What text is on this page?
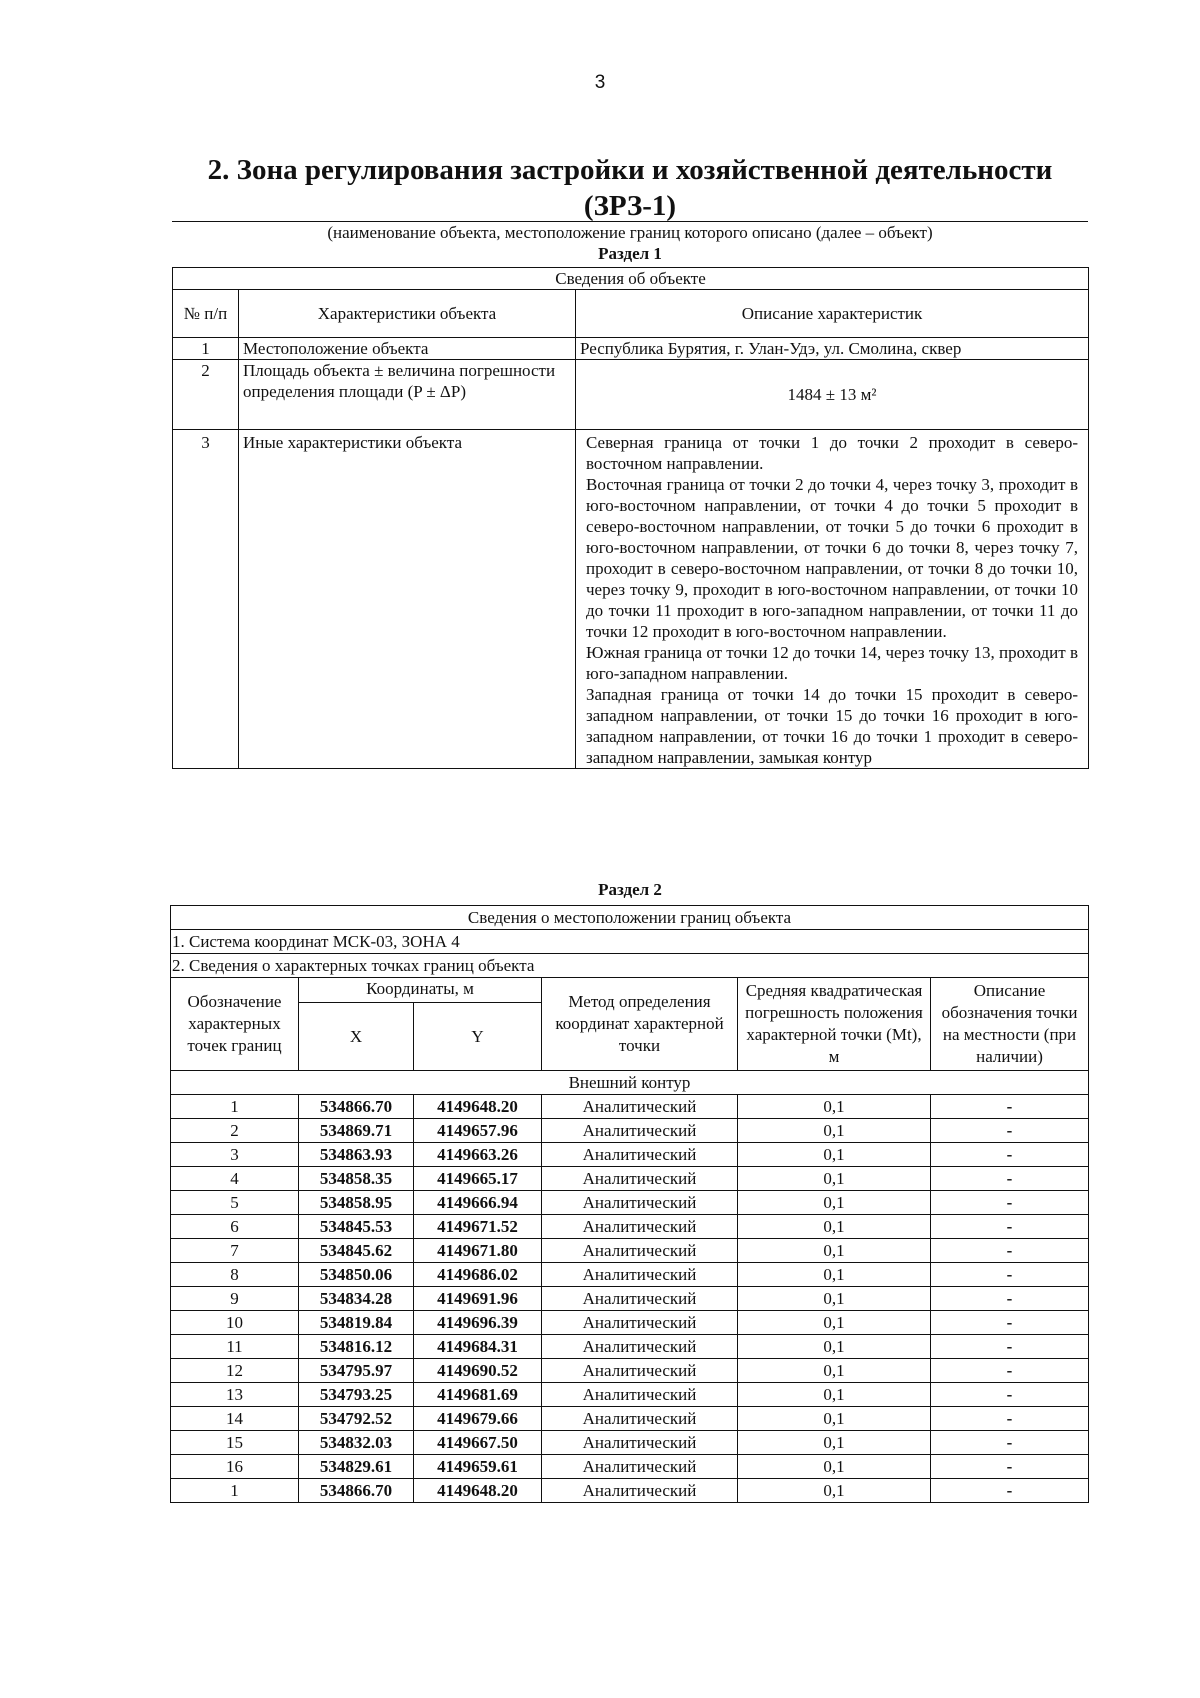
3
2. Зона регулирования застройки и хозяйственной деятельности
(ЗРЗ-1)
(наименование объекта, местоположение границ которого описано (далее – объект)
Раздел 1
Сведения об объекте		
№ п/п	Характеристики объекта	Описание характеристик
1	Местоположение объекта	Республика Бурятия, г. Улан-Удэ, ул. Смолина, сквер
2	Площадь объекта ± величина погрешности определения площади (P ± ΔP)	1484 ± 13 м²
3	Иные характеристики объекта	Северная граница от точки 1 до точки 2 проходит в северо-восточном направлении.

Восточная граница от точки 2 до точки 4, через точку 3, проходит в юго-восточном направлении, от точки 4 до точки 5 проходит в северо-восточном направлении, от точки 5 до точки 6 проходит в юго-восточном направлении, от точки 6 до точки 8, через точку 7, проходит в северо-восточном направлении, от точки 8 до точки 10, через точку 9, проходит в юго-восточном направлении, от точки 10 до точки 11 проходит в юго-западном направлении, от точки 11 до точки 12 проходит в юго-восточном направлении.

Южная граница от точки 12 до точки 14, через точку 13, проходит в юго-западном направлении.

Западная граница от точки 14 до точки 15 проходит в северо-западном направлении, от точки 15 до точки 16 проходит в юго-западном направлении, от точки 16 до точки 1 проходит в северо-западном направлении, замыкая контур

Раздел 2
Сведения о местоположении границ объекта					
1. Система координат МСК-03, ЗОНА 4					
2. Сведения о характерных точках границ объекта					
Обозначение характерных точек границ	Координаты, м		Метод определения координат характерной точки	Средняя квадратическая погрешность положения характерной точки (Mt), м	Описание обозначения точки на местности (при наличии)
	X	Y			
Внешний контур					
1	534866.70	4149648.20	Аналитический	0,1	-
2	534869.71	4149657.96	Аналитический	0,1	-
3	534863.93	4149663.26	Аналитический	0,1	-
4	534858.35	4149665.17	Аналитический	0,1	-
5	534858.95	4149666.94	Аналитический	0,1	-
6	534845.53	4149671.52	Аналитический	0,1	-
7	534845.62	4149671.80	Аналитический	0,1	-
8	534850.06	4149686.02	Аналитический	0,1	-
9	534834.28	4149691.96	Аналитический	0,1	-
10	534819.84	4149696.39	Аналитический	0,1	-
11	534816.12	4149684.31	Аналитический	0,1	-
12	534795.97	4149690.52	Аналитический	0,1	-
13	534793.25	4149681.69	Аналитический	0,1	-
14	534792.52	4149679.66	Аналитический	0,1	-
15	534832.03	4149667.50	Аналитический	0,1	-
16	534829.61	4149659.61	Аналитический	0,1	-
1	534866.70	4149648.20	Аналитический	0,1	-
